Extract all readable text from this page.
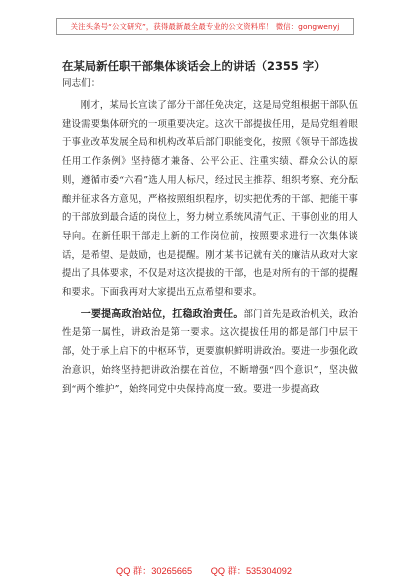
关注头条号“公文研究”，获得最新最全最专业的公文资料库！ 微信：gongwenyj

在某局新任职干部集体谈话会上的讲话（2355 字）

同志们：

刚才，某局长宣读了部分干部任免决定，这是局党组根据干部队伍建设需要集体研究的一项重要决定。这次干部提拔任用，是局党组着眼于事业改革发展全局和机构改革后部门职能变化，按照《领导干部选拔任用工作条例》坚持德才兼备、公平公正、注重实绩、群众公认的原则，遵循市委“六看”选人用人标尺，经过民主推荐、组织考察、充分酝酿并征求各方意见，严格按照组织程序，切实把优秀的干部、把能干事的干部放到最合适的岗位上，努力树立系统风清气正、干事创业的用人导向。在新任职干部走上新的工作岗位前，按照要求进行一次集体谈话，是希望、是鼓励，也是提醒。刚才某书记就有关的廉洁从政对大家提出了具体要求，不仅是对这次提拔的干部，也是对所有的干部的提醒和要求。下面我再对大家提出五点希望和要求。

一要提高政治站位，扛稳政治责任。部门首先是政治机关，政治性是第一属性，讲政治是第一要求。这次提拔任用的都是部门中层干部，处于承上启下的中枢环节，更要旗帜鲜明讲政治。要进一步强化政治意识，始终坚持把讲政治摆在首位，不断增强“四个意识”，坚决做到“两个维护”，始终同党中央保持高度一致。要进一步提高政

QQ 群：30265665 QQ 群：535304092
